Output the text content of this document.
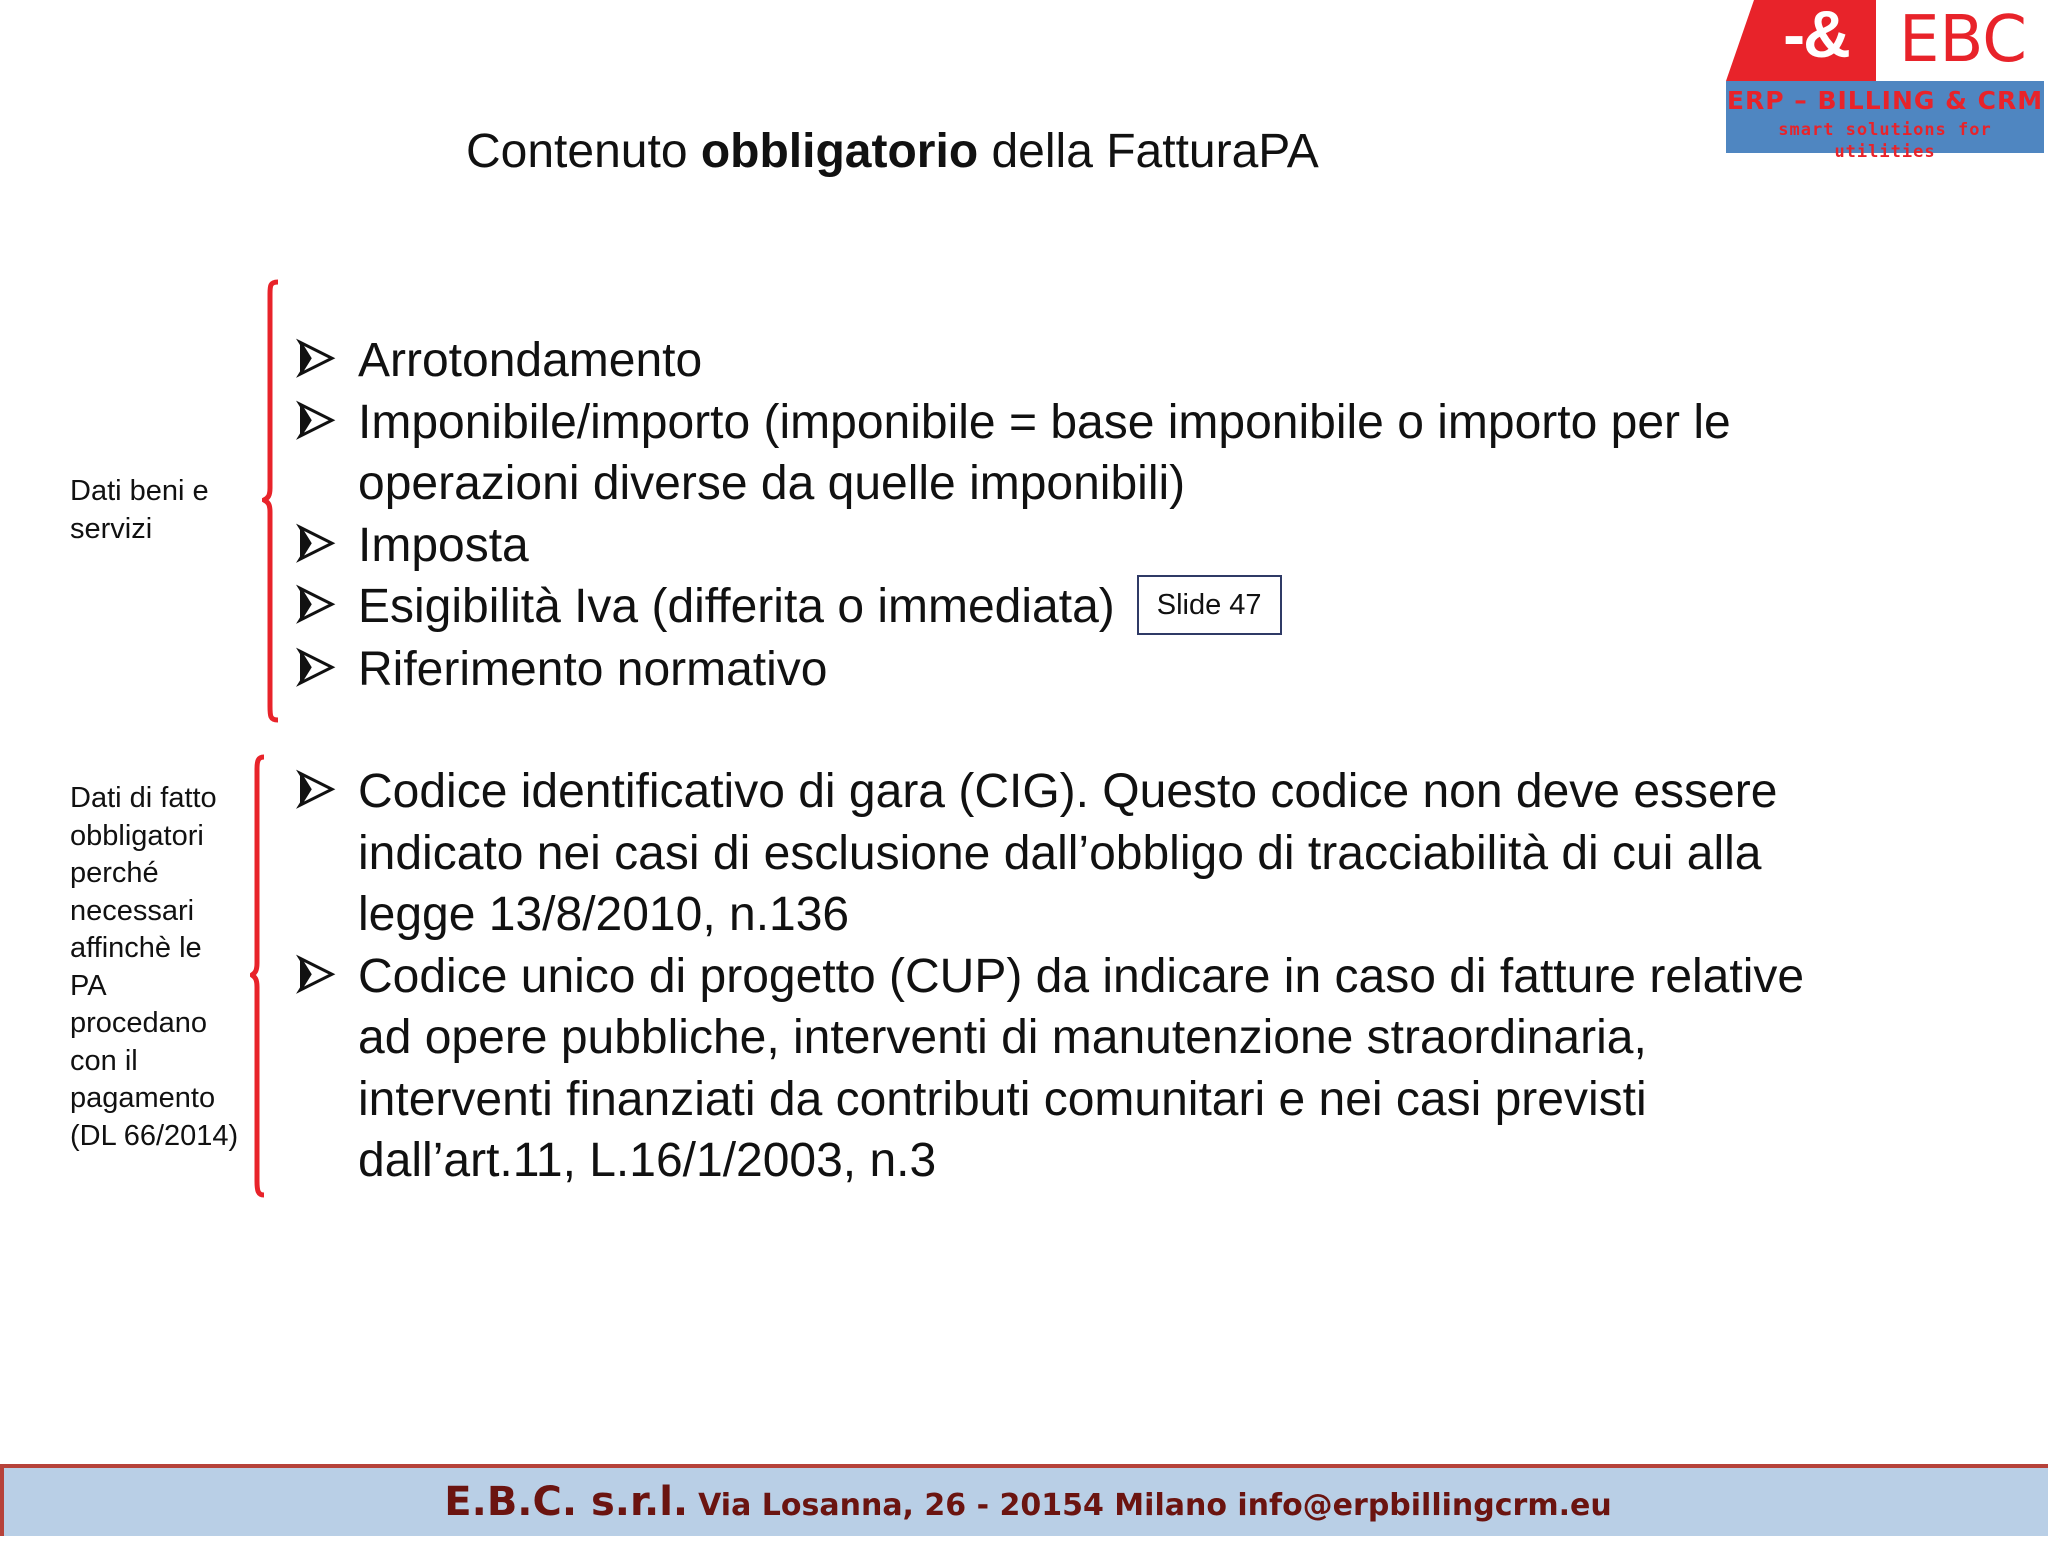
-& EBC
ERP – BILLING & CRM
smart solutions for utilities
Contenuto obbligatorio della FatturaPA
Dati beni e servizi
Arrotondamento
Imponibile/importo (imponibile = base imponibile o importo per le operazioni diverse da quelle imponibili)
Imposta
Esigibilità Iva (differita o immediata) Slide 47
Riferimento normativo
Dati di fatto obbligatori perché necessari affinchè le PA procedano con il pagamento (DL 66/2014)
Codice identificativo di gara (CIG). Questo codice non deve essere indicato nei casi di esclusione dall’obbligo di tracciabilità di cui alla legge 13/8/2010, n.136
Codice unico di progetto (CUP) da indicare in caso di fatture relative ad opere pubbliche, interventi di manutenzione straordinaria, interventi finanziati da contributi comunitari e nei casi previsti dall’art.11, L.16/1/2003, n.3
E.B.C. s.r.l. Via Losanna, 26 - 20154 Milano info@erpbillingcrm.eu
